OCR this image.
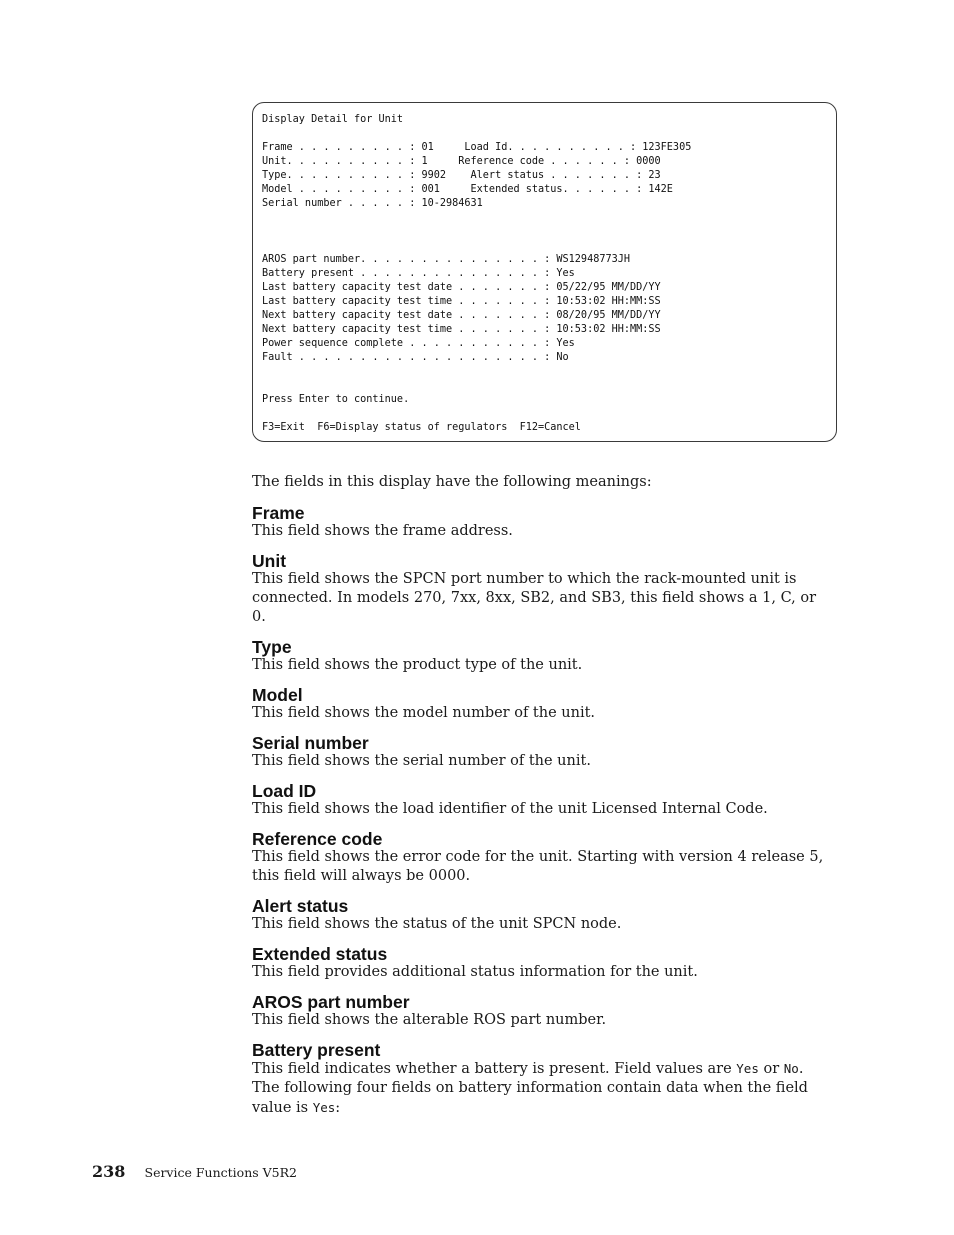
Display Detail for Unit

Frame . . . . . . . . . : 01     Load Id. . . . . . . . . . : 123FE305
Unit. . . . . . . . . . : 1     Reference code . . . . . . : 0000
Type. . . . . . . . . . : 9902    Alert status . . . . . . . : 23
Model . . . . . . . . . : 001     Extended status. . . . . . : 142E
Serial number . . . . . : 10-2984631

AROS part number. . . . . . . . . . . . . . . : WS12948773JH
Battery present . . . . . . . . . . . . . . . : Yes
Last battery capacity test date . . . . . . . : 05/22/95 MM/DD/YY
Last battery capacity test time . . . . . . . : 10:53:02 HH:MM:SS
Next battery capacity test date . . . . . . . : 08/20/95 MM/DD/YY
Next battery capacity test time . . . . . . . : 10:53:02 HH:MM:SS
Power sequence complete . . . . . . . . . . . : Yes
Fault . . . . . . . . . . . . . . . . . . . . : No

Press Enter to continue.

F3=Exit  F6=Display status of regulators  F12=Cancel

The fields in this display have the following meanings:

Frame

This field shows the frame address.

Unit

This field shows the SPCN port number to which the rack-mounted unit is connected. In models 270, 7xx, 8xx, SB2, and SB3, this field shows a 1, C, or 0.

Type

This field shows the product type of the unit.

Model

This field shows the model number of the unit.

Serial number

This field shows the serial number of the unit.

Load ID

This field shows the load identifier of the unit Licensed Internal Code.

Reference code

This field shows the error code for the unit. Starting with version 4 release 5, this field will always be 0000.

Alert status

This field shows the status of the unit SPCN node.

Extended status

This field provides additional status information for the unit.

AROS part number

This field shows the alterable ROS part number.

Battery present

This field indicates whether a battery is present. Field values are Yes or No. The following four fields on battery information contain data when the field value is Yes:

238 Service Functions V5R2
